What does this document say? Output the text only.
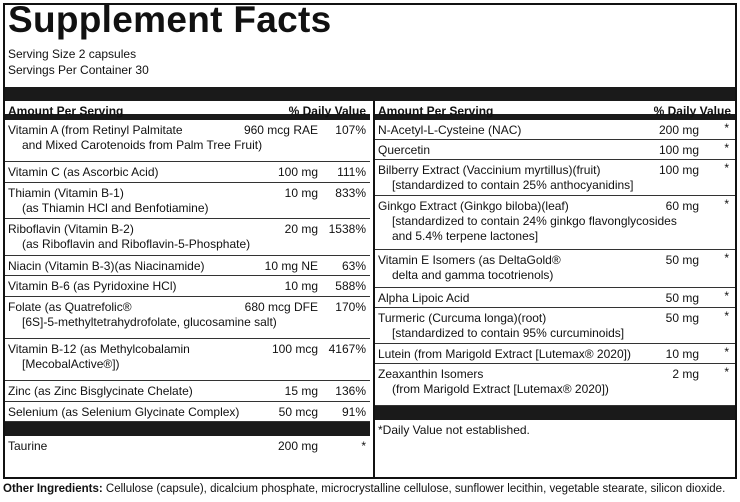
Supplement Facts
Serving Size 2 capsules
Servings Per Container 30
Amount Per Serving	% Daily Value
Vitamin A (from Retinyl Palmitate
and Mixed Carotenoids from Palm Tree Fruit)
960 mcg RAE 107%
Vitamin C (as Ascorbic Acid)	100 mg 111%
Thiamin (Vitamin B-1)
(as Thiamin HCl and Benfotiamine)
10 mg 833%
Riboflavin (Vitamin B-2)
(as Riboflavin and Riboflavin-5-Phosphate)
20 mg 1538%
Niacin (Vitamin B-3)(as Niacinamide)	10 mg NE 63%
Vitamin B-6 (as Pyridoxine HCl)	10 mg 588%
Folate (as Quatrefolic®
[6S]-5-methyltetrahydrofolate, glucosamine salt)
680 mcg DFE 170%
Vitamin B-12 (as Methylcobalamin
[MecobalActive®])
100 mcg 4167%
Zinc (as Zinc Bisglycinate Chelate)	15 mg 136%
Selenium (as Selenium Glycinate Complex)	50 mcg 91%
Taurine	200 mg	*
Amount Per Serving	% Daily Value
N-Acetyl-L-Cysteine (NAC)	200 mg *
Quercetin	100 mg *
Bilberry Extract (Vaccinium myrtillus)(fruit)
[standardized to contain 25% anthocyanidins]
100 mg *
Ginkgo Extract (Ginkgo biloba)(leaf)
[standardized to contain 24% ginkgo flavonglycosides
and 5.4% terpene lactones]
60 mg *
Vitamin E Isomers (as DeltaGold®
delta and gamma tocotrienols)
50 mg *
Alpha Lipoic Acid	50 mg *
Turmeric (Curcuma longa)(root)
[standardized to contain 95% curcuminoids]
50 mg *
Lutein (from Marigold Extract [Lutemax® 2020])	10 mg *
Zeaxanthin Isomers
(from Marigold Extract [Lutemax® 2020])
2 mg *
*Daily Value not established.
Other Ingredients: Cellulose (capsule), dicalcium phosphate, microcrystalline cellulose, sunflower lecithin, vegetable stearate, silicon dioxide.
